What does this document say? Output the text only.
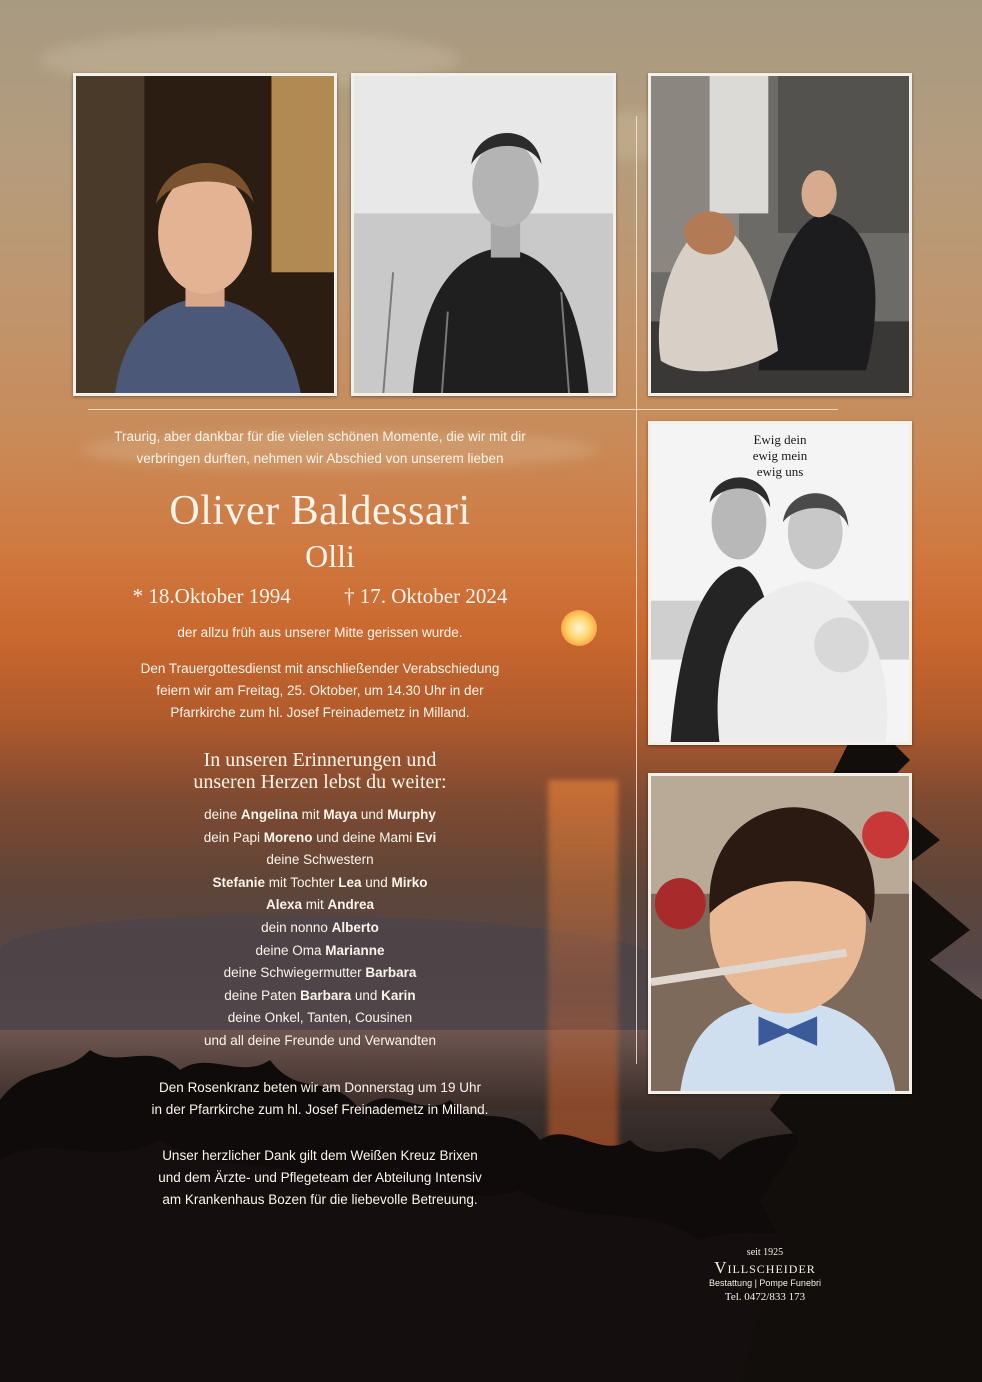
Ewig dein
ewig mein
ewig uns
Traurig, aber dankbar für die vielen schönen Momente, die wir mit dir
verbringen durften, nehmen wir Abschied von unserem lieben
Oliver Baldessari
Olli
* 18.Oktober 1994	† 17. Oktober 2024
der allzu früh aus unserer Mitte gerissen wurde.
Den Trauergottesdienst mit anschließender Verabschiedung
feiern wir am Freitag, 25. Oktober, um 14.30 Uhr in der
Pfarrkirche zum hl. Josef Freinademetz in Milland.
In unseren Erinnerungen und
unseren Herzen lebst du weiter:
deine Angelina mit Maya und Murphy
dein Papi Moreno und deine Mami Evi
deine Schwestern
Stefanie mit Tochter Lea und Mirko
Alexa mit Andrea
dein nonno Alberto
deine Oma Marianne
deine Schwiegermutter Barbara
deine Paten Barbara und Karin
deine Onkel, Tanten, Cousinen
und all deine Freunde und Verwandten
Den Rosenkranz beten wir am Donnerstag um 19 Uhr
in der Pfarrkirche zum hl. Josef Freinademetz in Milland.
Unser herzlicher Dank gilt dem Weißen Kreuz Brixen
und dem Ärzte- und Pflegeteam der Abteilung Intensiv
am Krankenhaus Bozen für die liebevolle Betreuung.
seit 1925
Villscheider
Bestattung | Pompe Funebri
Tel. 0472/833 173
